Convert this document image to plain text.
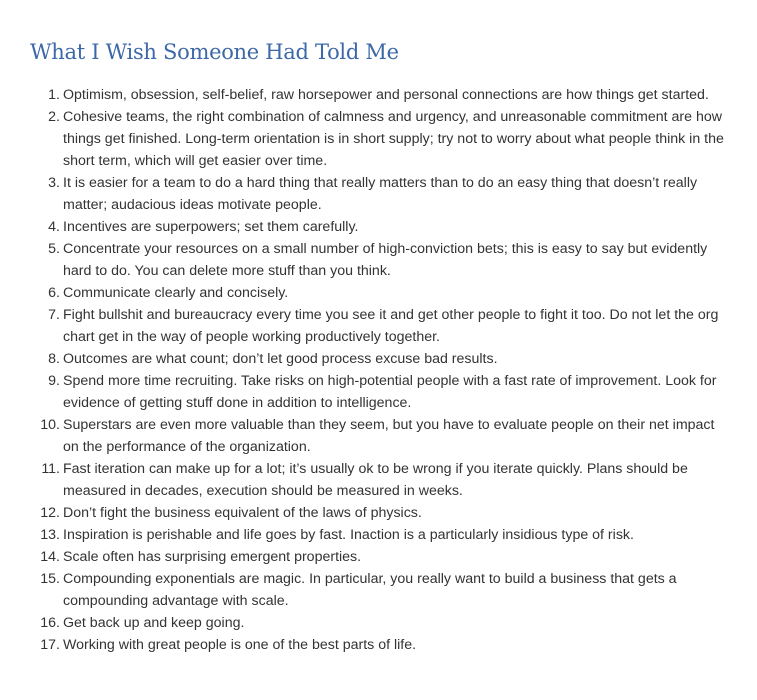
What I Wish Someone Had Told Me
1. Optimism, obsession, self-belief, raw horsepower and personal connections are how things get started.
2. Cohesive teams, the right combination of calmness and urgency, and unreasonable commitment are how things get finished. Long-term orientation is in short supply; try not to worry about what people think in the short term, which will get easier over time.
3. It is easier for a team to do a hard thing that really matters than to do an easy thing that doesn’t really matter; audacious ideas motivate people.
4. Incentives are superpowers; set them carefully.
5. Concentrate your resources on a small number of high-conviction bets; this is easy to say but evidently hard to do. You can delete more stuff than you think.
6. Communicate clearly and concisely.
7. Fight bullshit and bureaucracy every time you see it and get other people to fight it too. Do not let the org chart get in the way of people working productively together.
8. Outcomes are what count; don’t let good process excuse bad results.
9. Spend more time recruiting. Take risks on high-potential people with a fast rate of improvement. Look for evidence of getting stuff done in addition to intelligence.
10. Superstars are even more valuable than they seem, but you have to evaluate people on their net impact on the performance of the organization.
11. Fast iteration can make up for a lot; it’s usually ok to be wrong if you iterate quickly. Plans should be measured in decades, execution should be measured in weeks.
12. Don’t fight the business equivalent of the laws of physics.
13. Inspiration is perishable and life goes by fast. Inaction is a particularly insidious type of risk.
14. Scale often has surprising emergent properties.
15. Compounding exponentials are magic. In particular, you really want to build a business that gets a compounding advantage with scale.
16. Get back up and keep going.
17. Working with great people is one of the best parts of life.
